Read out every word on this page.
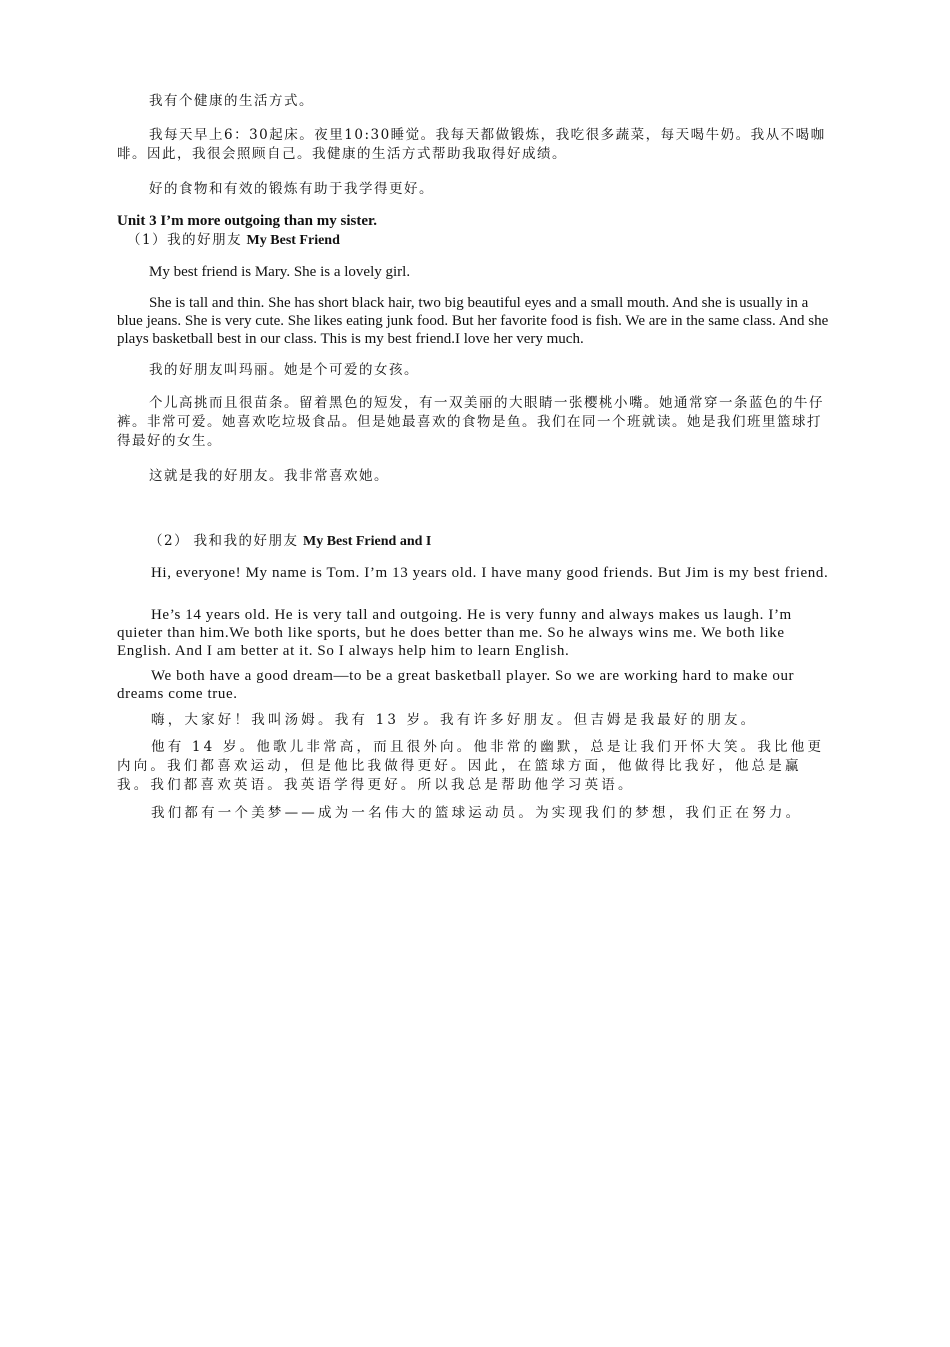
我有个健康的生活方式。

我每天早上6：30起床。夜里10:30睡觉。我每天都做锻炼，我吃很多蔬菜，每天喝牛奶。我从不喝咖啡。因此，我很会照顾自己。我健康的生活方式帮助我取得好成绩。

好的食物和有效的锻炼有助于我学得更好。

Unit 3 I’m more outgoing than my sister.

（1）我的好朋友 My Best Friend

My best friend is Mary. She is a lovely girl.

She is tall and thin. She has short black hair, two big beautiful eyes and a small mouth. And she is usually in a blue jeans. She is very cute. She likes eating junk food. But her favorite food is fish. We are in the same class. And she plays basketball best in our class. This is my best friend.I love her very much.

我的好朋友叫玛丽。她是个可爱的女孩。

个儿高挑而且很苗条。留着黑色的短发，有一双美丽的大眼睛一张樱桃小嘴。她通常穿一条蓝色的牛仔裤。非常可爱。她喜欢吃垃圾食品。但是她最喜欢的食物是鱼。我们在同一个班就读。她是我们班里篮球打得最好的女生。

这就是我的好朋友。我非常喜欢她。

（2） 我和我的好朋友 My Best Friend and I

Hi, everyone! My name is Tom. I’m 13 years old. I have many good friends. But Jim is my best friend.

He’s 14 years old. He is very tall and outgoing. He is very funny and always makes us laugh. I’m quieter than him.We both like sports, but he does better than me. So he always wins me. We both like English. And I am better at it. So I always help him to learn English.

We both have a good dream—to be a great basketball player. So we are working hard to make our dreams come true.

嗨，大家好！我叫汤姆。我有 13 岁。我有许多好朋友。但吉姆是我最好的朋友。

他有 14 岁。他歌儿非常高，而且很外向。他非常的幽默，总是让我们开怀大笑。我比他更内向。我们都喜欢运动，但是他比我做得更好。因此，在篮球方面，他做得比我好，他总是赢我。我们都喜欢英语。我英语学得更好。所以我总是帮助他学习英语。

我们都有一个美梦——成为一名伟大的篮球运动员。为实现我们的梦想，我们正在努力。
